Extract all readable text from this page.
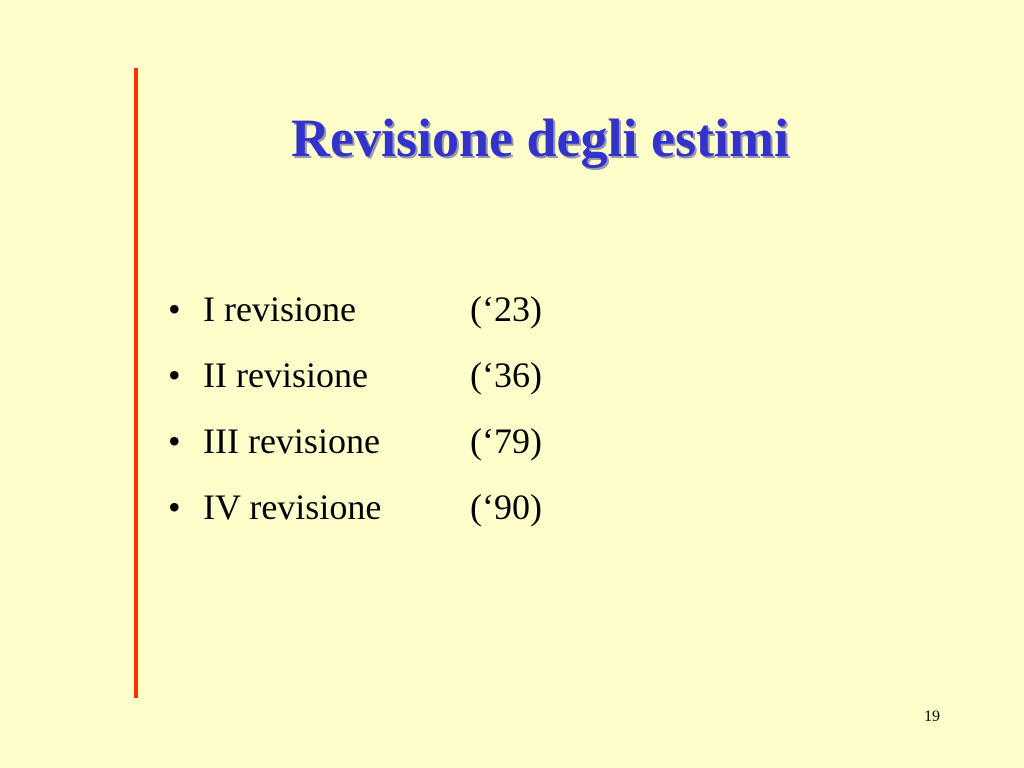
Revisione degli estimi
• I revisione	(‘23)
• II revisione	(‘36)
• III revisione	(‘79)
• IV revisione (‘90)
19
